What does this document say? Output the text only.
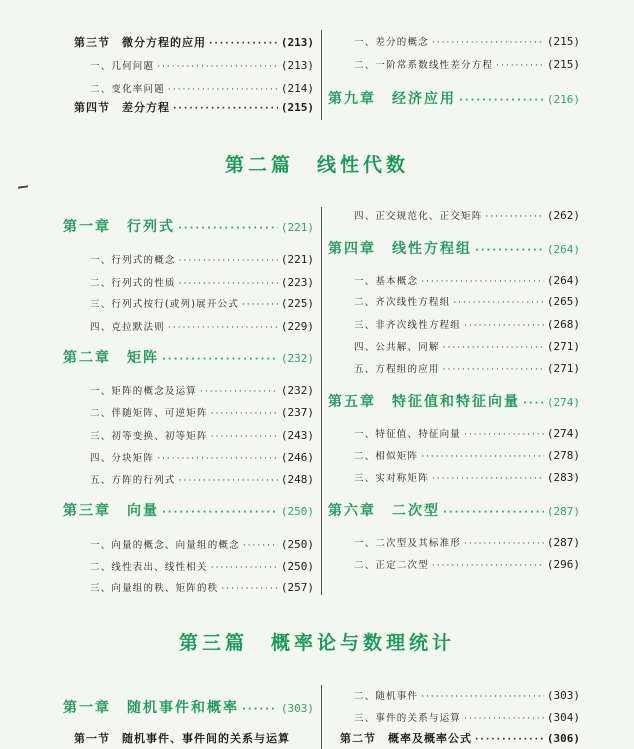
第三节　微分方程的应用 ·····	(213)
一、几何问题 ·····	(213)
二、变化率问题 ·····	(214)
第四节　差分方程 ·····	(215)
一、差分的概念 ·····	(215)
二、一阶常系数线性差分方程 ·····	(215)
第九章　经济应用 ·····	(216)
第二篇　线性代数
第一章　行列式 ·····	(221)
一、行列式的概念 ·····	(221)
二、行列式的性质 ·····	(223)
三、行列式按行(或列)展开公式 ·····	(225)
四、克拉默法则 ·····	(229)
第二章　矩阵 ·····	(232)
一、矩阵的概念及运算 ·····	(232)
二、伴随矩阵、可逆矩阵 ·····	(237)
三、初等变换、初等矩阵 ·····	(243)
四、分块矩阵 ·····	(246)
五、方阵的行列式 ·····	(248)
第三章　向量 ·····	(250)
一、向量的概念、向量组的概念 ·····	(250)
二、线性表出、线性相关 ·····	(250)
三、向量组的秩、矩阵的秩 ·····	(257)
四、正交规范化、正交矩阵 ·····	(262)
第四章　线性方程组 ·····	(264)
一、基本概念 ·····	(264)
二、齐次线性方程组 ·····	(265)
三、非齐次线性方程组 ·····	(268)
四、公共解、同解 ·····	(271)
五、方程组的应用 ·····	(271)
第五章　特征值和特征向量 ····· (274)
一、特征值、特征向量 ·····	(274)
二、相似矩阵 ·····	(278)
三、实对称矩阵 ·····	(283)
第六章　二次型 ·····	(287)
一、二次型及其标准形 ·····	(287)
二、正定二次型 ·····	(296)
第三篇　概率论与数理统计
第一章　随机事件和概率 ·····	(303)
第一节　随机事件、事件间的关系与运算
二、随机事件 ·····	(303)
三、事件的关系与运算 ·····	(304)
第二节　概率及概率公式 ·····	(306)
